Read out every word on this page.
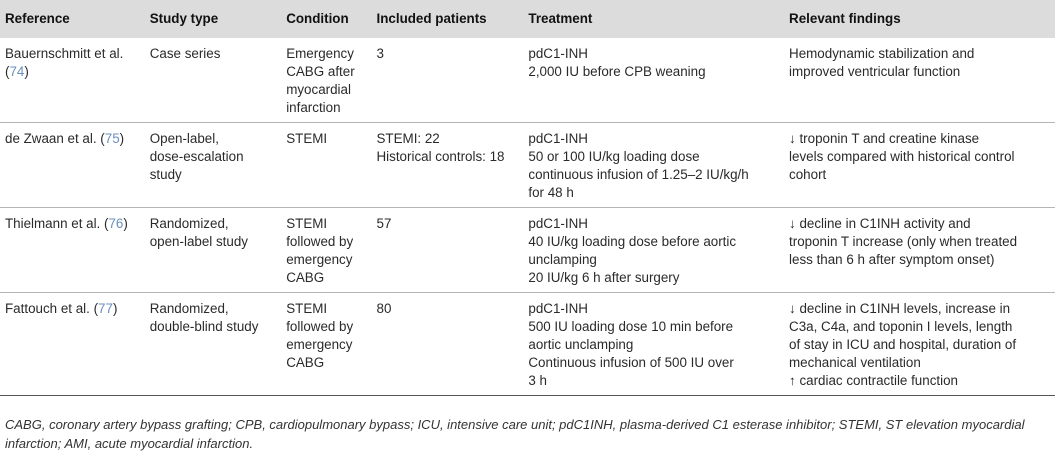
Reference	Study type	Condition	Included patients	Treatment	Relevant findings
Bauernschmitt et al. (74)	Case series	Emergency
CABG after
myocardial
infarction	3	pdC1-INH
2,000 IU before CPB weaning	Hemodynamic stabilization and
improved ventricular function

de Zwaan et al. (75)	Open-label,
dose-escalation
study	STEMI	STEMI: 22
Historical controls: 18	pdC1-INH
50 or 100 IU/kg loading dose
continuous infusion of 1.25–2 IU/kg/h
for 48 h	↓ troponin T and creatine kinase
levels compared with historical control
cohort

Thielmann et al. (76)	Randomized,
open-label study	STEMI
followed by
emergency
CABG	57	pdC1-INH
40 IU/kg loading dose before aortic
unclamping
20 IU/kg 6 h after surgery	↓ decline in C1INH activity and
troponin T increase (only when treated
less than 6 h after symptom onset)

Fattouch et al. (77)	Randomized,
double-blind study	STEMI
followed by
emergency
CABG	80	pdC1-INH
500 IU loading dose 10 min before
aortic unclamping
Continuous infusion of 500 IU over
3 h	↓ decline in C1INH levels, increase in
C3a, C4a, and toponin I levels, length
of stay in ICU and hospital, duration of
mechanical ventilation
↑ cardiac contractile function
CABG, coronary artery bypass grafting; CPB, cardiopulmonary bypass; ICU, intensive care unit; pdC1INH, plasma-derived C1 esterase inhibitor; STEMI, ST elevation myocardial
infarction; AMI, acute myocardial infarction.
